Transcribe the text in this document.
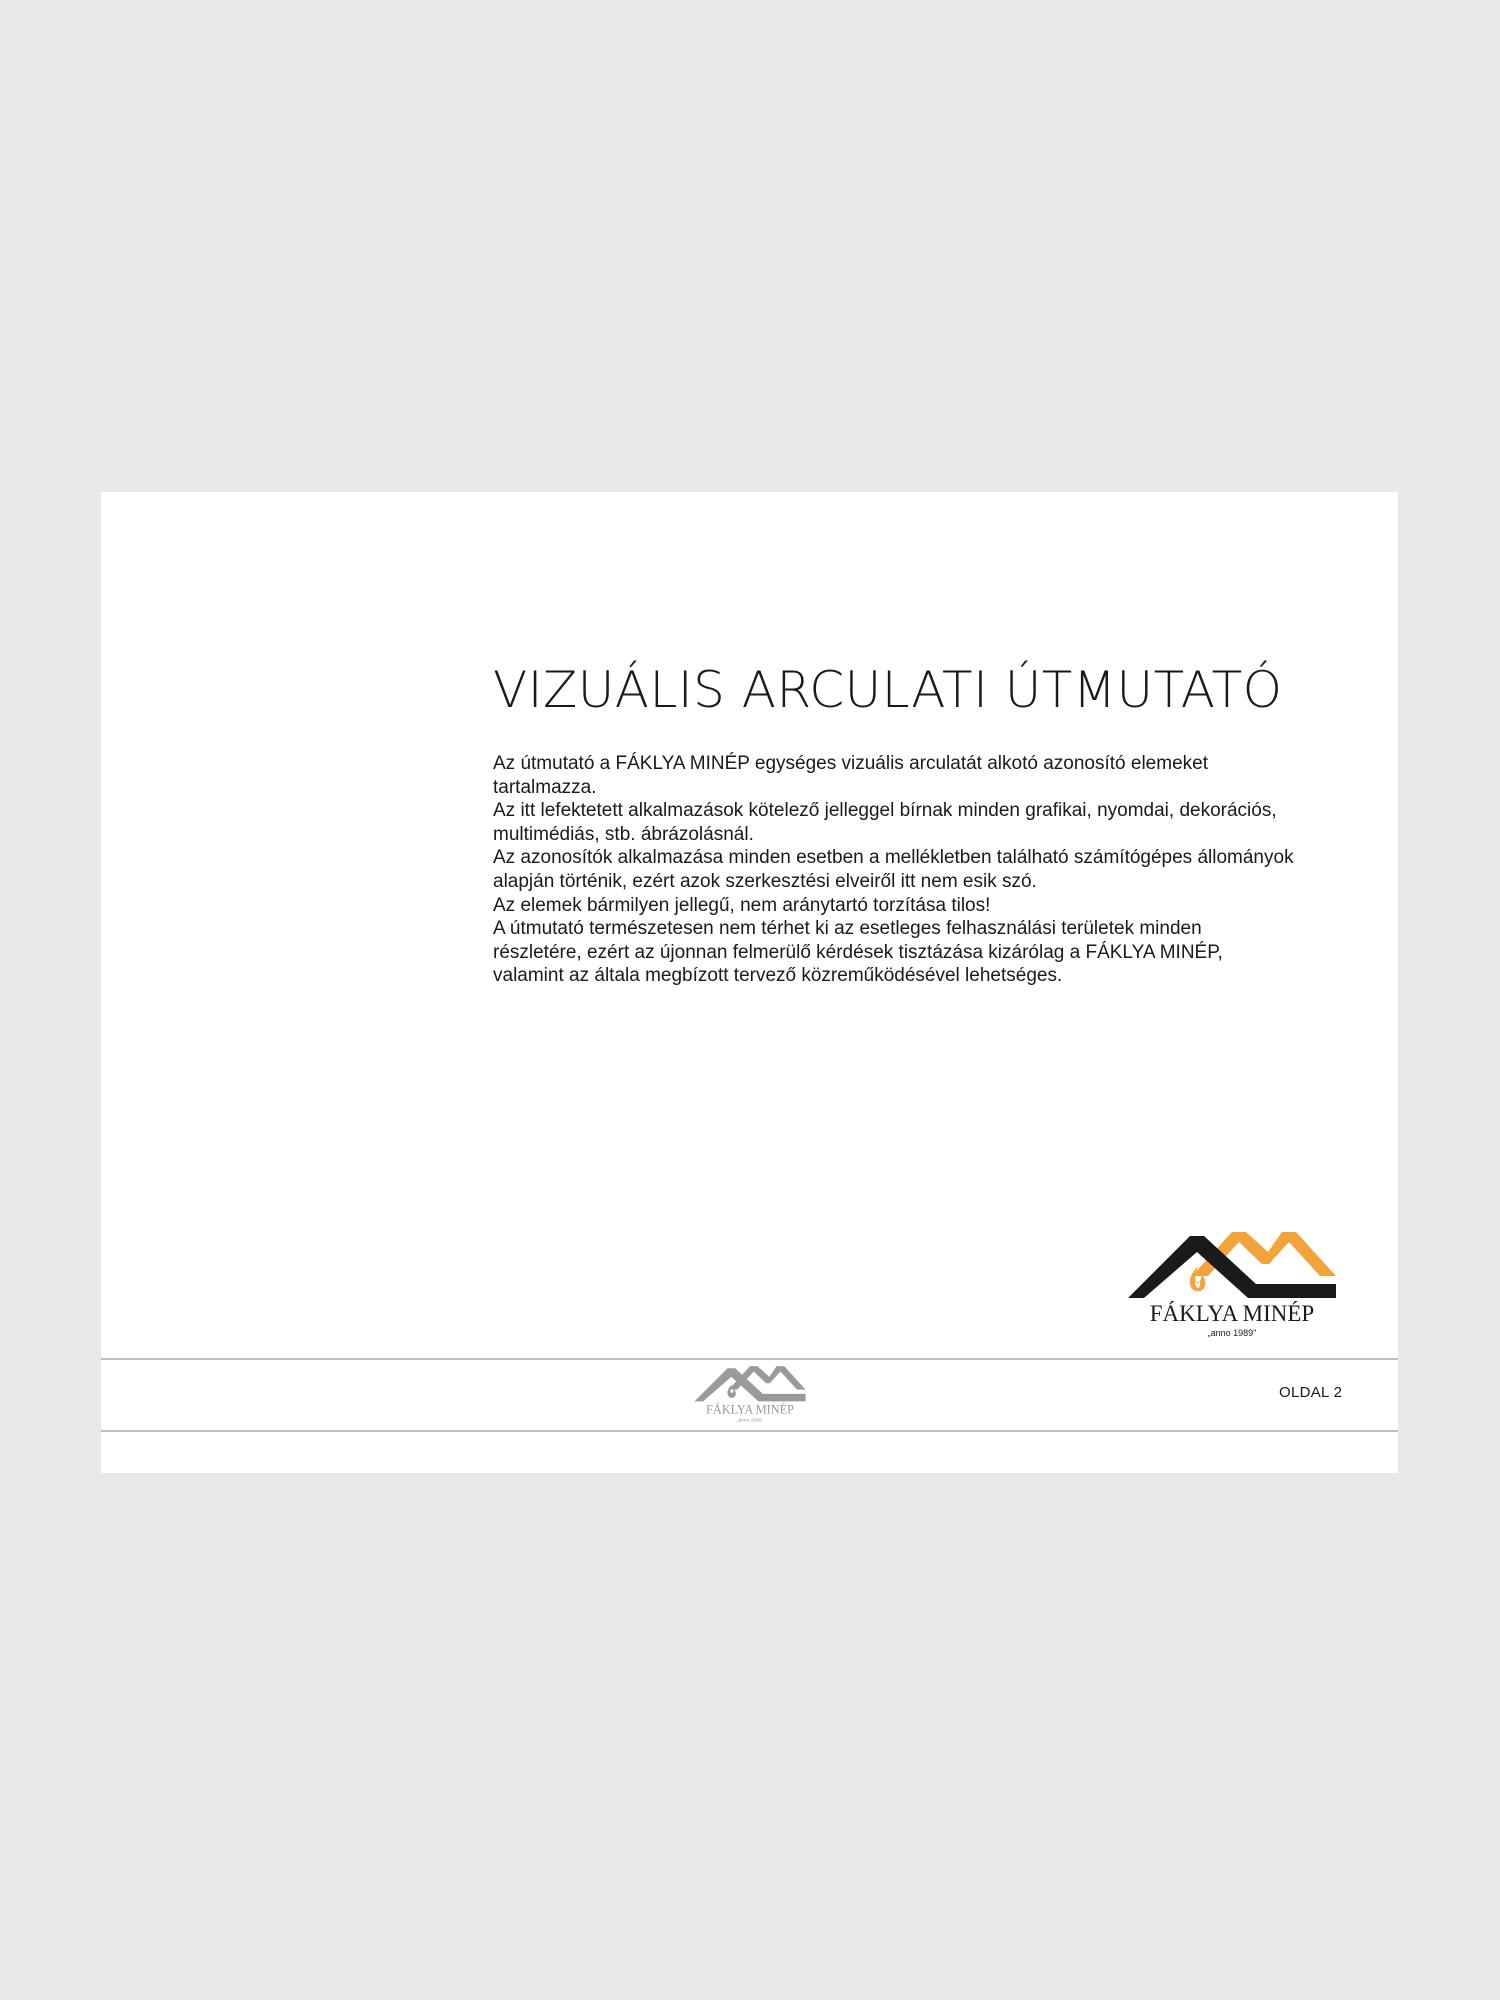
VIZUÁLIS ARCULATI ÚTMUTATÓ
Az útmutató a FÁKLYA MINÉP egységes vizuális arculatát alkotó azonosító elemeket
tartalmazza.
Az itt lefektetett alkalmazások kötelező jelleggel bírnak minden grafikai, nyomdai, dekorációs,
multimédiás, stb. ábrázolásnál.
Az azonosítók alkalmazása minden esetben a mellékletben található számítógépes állományok
alapján történik, ezért azok szerkesztési elveiről itt nem esik szó.
Az elemek bármilyen jellegű, nem aránytartó torzítása tilos!
A útmutató természetesen nem térhet ki az esetleges felhasználási területek minden
részletére, ezért az újonnan felmerülő kérdések tisztázása kizárólag a FÁKLYA MINÉP,
valamint az általa megbízott tervező közreműködésével lehetséges.
FÁKLYA MINÉP
„anno 1989"
FÁKLYA MINÉP
„anno 1989"
OLDAL 2
